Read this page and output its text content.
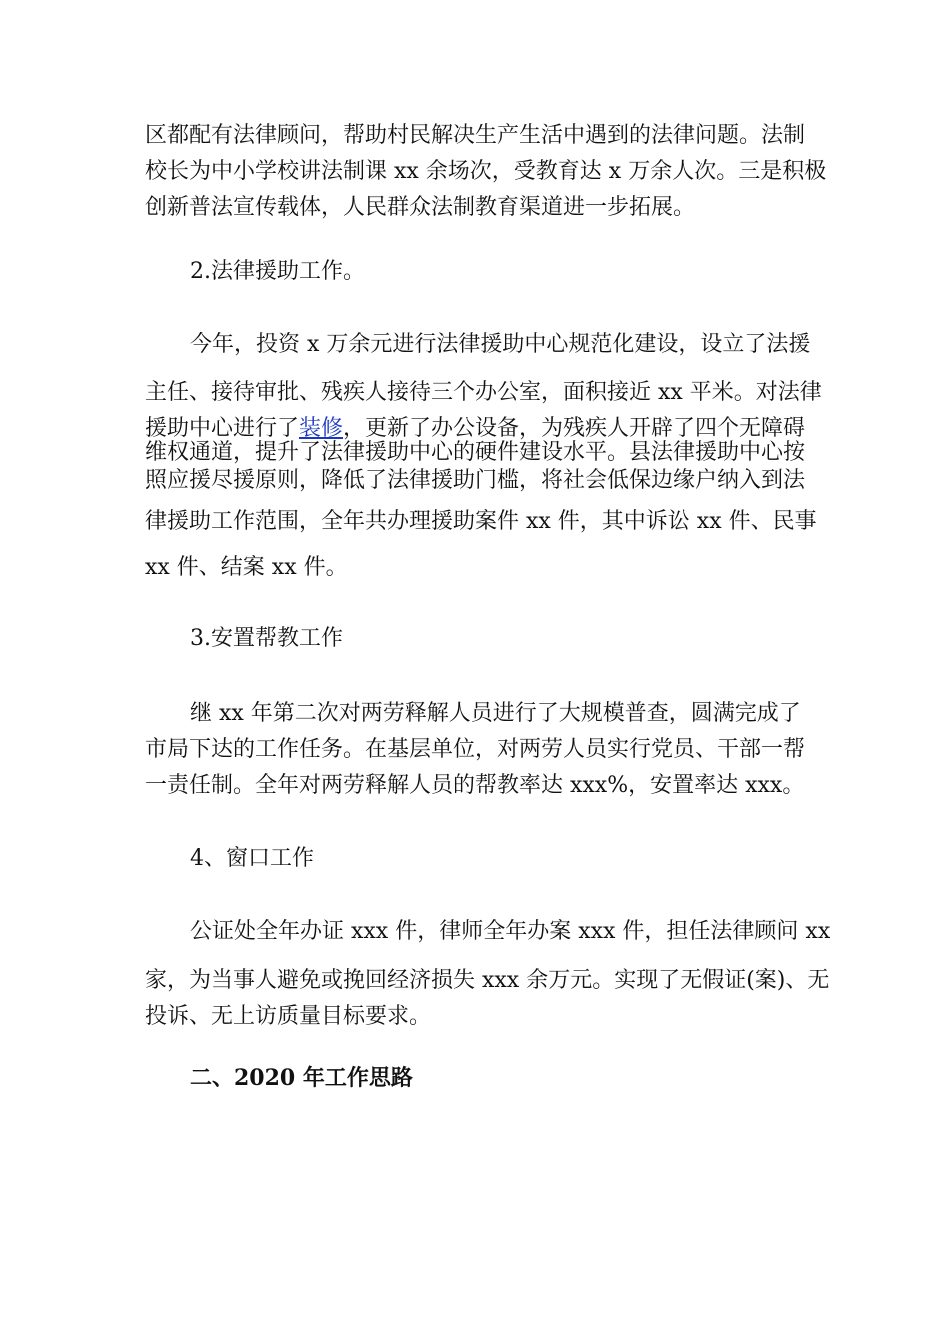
区都配有法律顾问，帮助村民解决生产生活中遇到的法律问题。法制
校长为中小学校讲法制课 xx 余场次，受教育达 x 万余人次。三是积极
创新普法宣传载体，人民群众法制教育渠道进一步拓展。
2.法律援助工作。
今年，投资 x 万余元进行法律援助中心规范化建设，设立了法援
主任、接待审批、残疾人接待三个办公室，面积接近 xx 平米。对法律
援助中心进行了装修，更新了办公设备，为残疾人开辟了四个无障碍
维权通道，提升了法律援助中心的硬件建设水平。县法律援助中心按
照应援尽援原则，降低了法律援助门槛，将社会低保边缘户纳入到法
律援助工作范围，全年共办理援助案件 xx 件，其中诉讼 xx 件、民事
xx 件、结案 xx 件。
3.安置帮教工作
继 xx 年第二次对两劳释解人员进行了大规模普查，圆满完成了
市局下达的工作任务。在基层单位，对两劳人员实行党员、干部一帮
一责任制。全年对两劳释解人员的帮教率达 xxx%，安置率达 xxx。
4、窗口工作
公证处全年办证 xxx 件，律师全年办案 xxx 件，担任法律顾问 xx
家，为当事人避免或挽回经济损失 xxx 余万元。实现了无假证(案)、无
投诉、无上访质量目标要求。
二、2020 年工作思路
